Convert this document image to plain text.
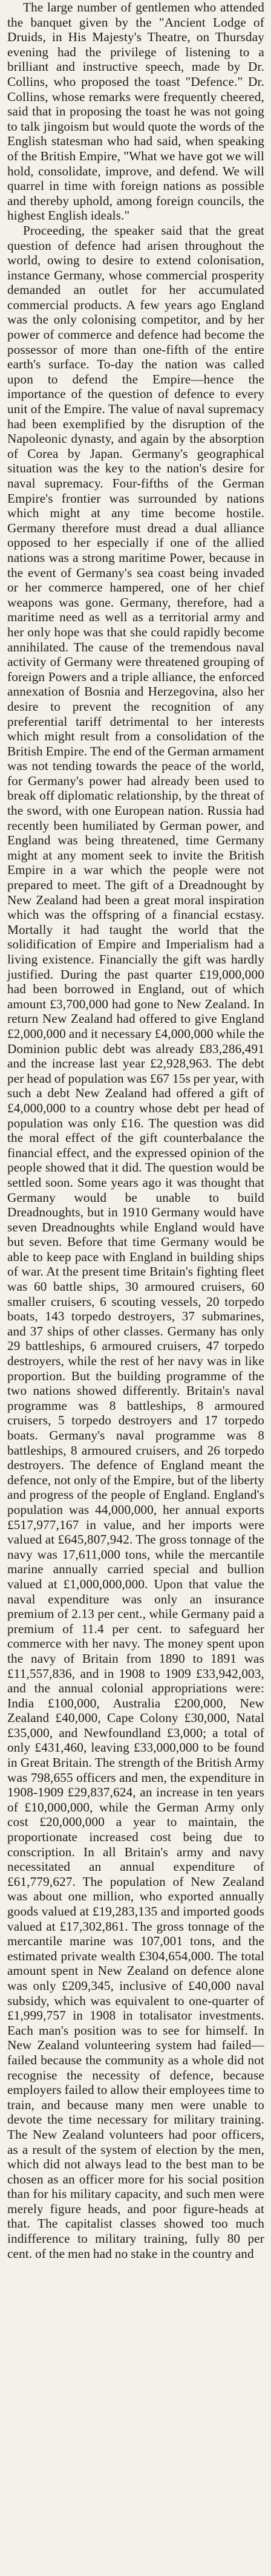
The large number of gentlemen who attended the banquet given by the "Ancient Lodge of Druids, in His Majesty's Theatre, on Thursday evening had the privilege of listening to a brilliant and instructive speech, made by Dr. Collins, who proposed the toast "Defence." Dr. Collins, whose remarks were frequently cheered, said that in proposing the toast he was not going to talk jingoism but would quote the words of the English statesman who had said, when speaking of the British Empire, "What we have got we will hold, consolidate, improve, and defend. We will quarrel in time with foreign nations as possible and thereby uphold, among foreign councils, the highest English ideals."

Proceeding, the speaker said that the great question of defence had arisen throughout the world, owing to desire to extend colonisation, instance Germany, whose commercial prosperity demanded an outlet for her accumulated commercial products. A few years ago England was the only colonising competitor, and by her power of commerce and defence had become the possessor of more than one-fifth of the entire earth's surface. To-day the nation was called upon to defend the Empire—hence the importance of the question of defence to every unit of the Empire. The value of naval supremacy had been exemplified by the disruption of the Napoleonic dynasty, and again by the absorption of Corea by Japan. Germany's geographical situation was the key to the nation's desire for naval supremacy. Four-fifths of the German Empire's frontier was surrounded by nations which might at any time become hostile. Germany therefore must dread a dual alliance opposed to her especially if one of the allied nations was a strong maritime Power, because in the event of Germany's sea coast being invaded or her commerce hampered, one of her chief weapons was gone. Germany, therefore, had a maritime need as well as a territorial army and her only hope was that she could rapidly become annihilated. The cause of the tremendous naval activity of Germany were threatened grouping of foreign Powers and a triple alliance, the enforced annexation of Bosnia and Herzegovina, also her desire to prevent the recognition of any preferential tariff detrimental to her interests which might result from a consolidation of the British Empire. The end of the German armament was not tending towards the peace of the world, for Germany's power had already been used to break off diplomatic relationship, by the threat of the sword, with one European nation. Russia had recently been humiliated by German power, and England was being threatened, time Germany might at any moment seek to invite the British Empire in a war which the people were not prepared to meet. The gift of a Dreadnought by New Zealand had been a great moral inspiration which was the offspring of a financial ecstasy. Mortally it had taught the world that the solidification of Empire and Imperialism had a living existence. Financially the gift was hardly justified. During the past quarter £19,000,000 had been borrowed in England, out of which amount £3,700,000 had gone to New Zealand. In return New Zealand had offered to give England £2,000,000 and it necessary £4,000,000 while the Dominion public debt was already £83,286,491 and the increase last year £2,928,963. The debt per head of population was £67 15s per year, with such a debt New Zealand had offered a gift of £4,000,000 to a country whose debt per head of population was only £16. The question was did the moral effect of the gift counterbalance the financial effect, and the expressed opinion of the people showed that it did. The question would be settled soon. Some years ago it was thought that Germany would be unable to build Dreadnoughts, but in 1910 Germany would have seven Dreadnoughts while England would have but seven. Before that time Germany would be able to keep pace with England in building ships of war. At the present time Britain's fighting fleet was 60 battle ships, 30 armoured cruisers, 60 smaller cruisers, 6 scouting vessels, 20 torpedo boats, 143 torpedo destroyers, 37 submarines, and 37 ships of other classes. Germany has only 29 battleships, 6 armoured cruisers, 47 torpedo destroyers, while the rest of her navy was in like proportion. But the building programme of the two nations showed differently. Britain's naval programme was 8 battleships, 8 armoured cruisers, 5 torpedo destroyers and 17 torpedo boats. Germany's naval programme was 8 battleships, 8 armoured cruisers, and 26 torpedo destroyers. The defence of England meant the defence, not only of the Empire, but of the liberty and progress of the people of England. England's population was 44,000,000, her annual exports £517,977,167 in value, and her imports were valued at £645,807,942. The gross tonnage of the navy was 17,611,000 tons, while the mercantile marine annually carried special and bullion valued at £1,000,000,000. Upon that value the naval expenditure was only an insurance premium of 2.13 per cent., while Germany paid a premium of 11.4 per cent. to safeguard her commerce with her navy. The money spent upon the navy of Britain from 1890 to 1891 was £11,557,836, and in 1908 to 1909 £33,942,003, and the annual colonial appropriations were: India £100,000, Australia £200,000, New Zealand £40,000, Cape Colony £30,000, Natal £35,000, and Newfoundland £3,000; a total of only £431,460, leaving £33,000,000 to be found in Great Britain. The strength of the British Army was 798,655 officers and men, the expenditure in 1908-1909 £29,837,624, an increase in ten years of £10,000,000, while the German Army only cost £20,000,000 a year to maintain, the proportionate increased cost being due to conscription. In all Britain's army and navy necessitated an annual expenditure of £61,779,627. The population of New Zealand was about one million, who exported annually goods valued at £19,283,135 and imported goods valued at £17,302,861. The gross tonnage of the mercantile marine was 107,001 tons, and the estimated private wealth £304,654,000. The total amount spent in New Zealand on defence alone was only £209,345, inclusive of £40,000 naval subsidy, which was equivalent to one-quarter of £1,999,757 in 1908 in totalisator investments. Each man's position was to see for himself. In New Zealand volunteering system had failed—failed because the community as a whole did not recognise the necessity of defence, because employers failed to allow their employees time to train, and because many men were unable to devote the time necessary for military training. The New Zealand volunteers had poor officers, as a result of the system of election by the men, which did not always lead to the best man to be chosen as an officer more for his social position than for his military capacity, and such men were merely figure heads, and poor figure-heads at that. The capitalist classes showed too much indifference to military training, fully 80 per cent. of the men had no stake in the country and
